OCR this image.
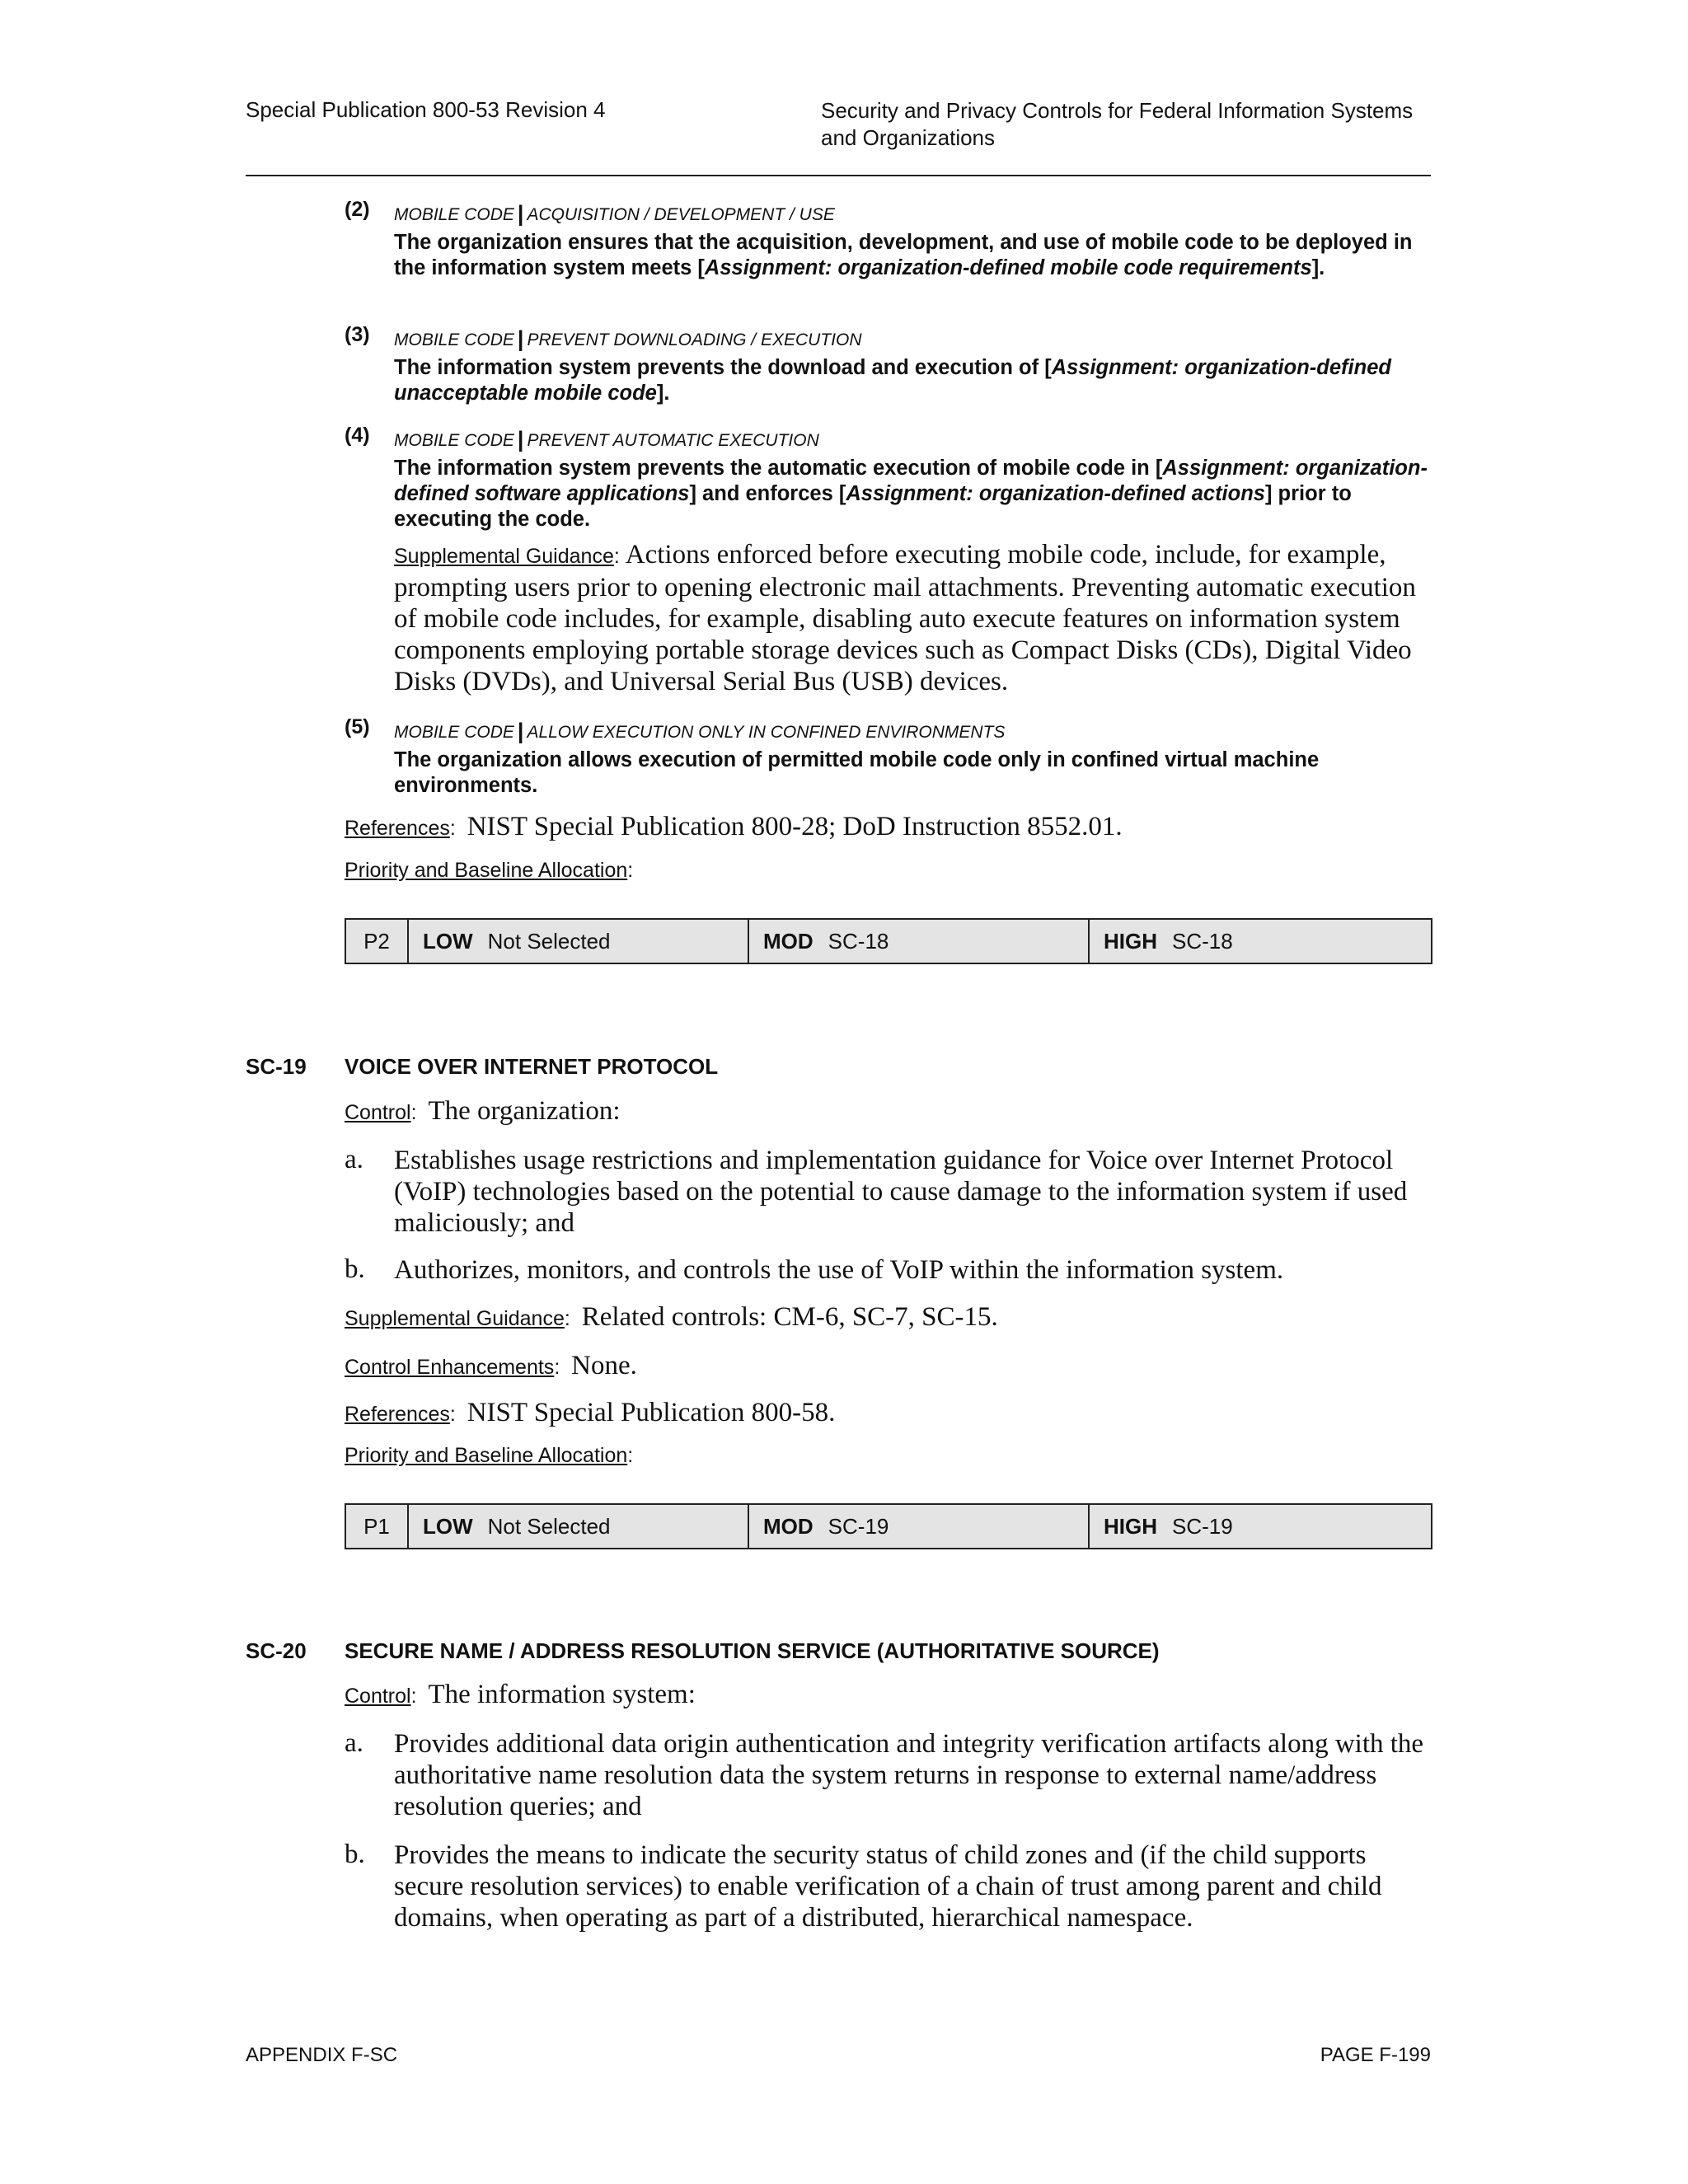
Special Publication 800-53 Revision 4	Security and Privacy Controls for Federal Information Systems
and Organizations
(2) MOBILE CODE | ACQUISITION / DEVELOPMENT / USE
The organization ensures that the acquisition, development, and use of mobile code to be deployed in the information system meets [Assignment: organization-defined mobile code requirements].
(3) MOBILE CODE | PREVENT DOWNLOADING / EXECUTION
The information system prevents the download and execution of [Assignment: organization-defined unacceptable mobile code].
(4) MOBILE CODE | PREVENT AUTOMATIC EXECUTION
The information system prevents the automatic execution of mobile code in [Assignment: organization-defined software applications] and enforces [Assignment: organization-defined actions] prior to executing the code.
Supplemental Guidance: Actions enforced before executing mobile code, include, for example, prompting users prior to opening electronic mail attachments. Preventing automatic execution of mobile code includes, for example, disabling auto execute features on information system components employing portable storage devices such as Compact Disks (CDs), Digital Video Disks (DVDs), and Universal Serial Bus (USB) devices.
(5) MOBILE CODE | ALLOW EXECUTION ONLY IN CONFINED ENVIRONMENTS
The organization allows execution of permitted mobile code only in confined virtual machine environments.
References:  NIST Special Publication 800-28; DoD Instruction 8552.01.
Priority and Baseline Allocation:
P2	LOW Not Selected	MOD SC-18	HIGH SC-18
SC-19 VOICE OVER INTERNET PROTOCOL
Control:  The organization:
a. Establishes usage restrictions and implementation guidance for Voice over Internet Protocol (VoIP) technologies based on the potential to cause damage to the information system if used maliciously; and
b. Authorizes, monitors, and controls the use of VoIP within the information system.
Supplemental Guidance:  Related controls: CM-6, SC-7, SC-15.
Control Enhancements:  None.
References:  NIST Special Publication 800-58.
Priority and Baseline Allocation:
P1	LOW Not Selected	MOD SC-19	HIGH SC-19
SC-20 SECURE NAME / ADDRESS RESOLUTION SERVICE (AUTHORITATIVE SOURCE)
Control:  The information system:
a. Provides additional data origin authentication and integrity verification artifacts along with the authoritative name resolution data the system returns in response to external name/address resolution queries; and
b. Provides the means to indicate the security status of child zones and (if the child supports secure resolution services) to enable verification of a chain of trust among parent and child domains, when operating as part of a distributed, hierarchical namespace.
APPENDIX F-SC	PAGE F-199
